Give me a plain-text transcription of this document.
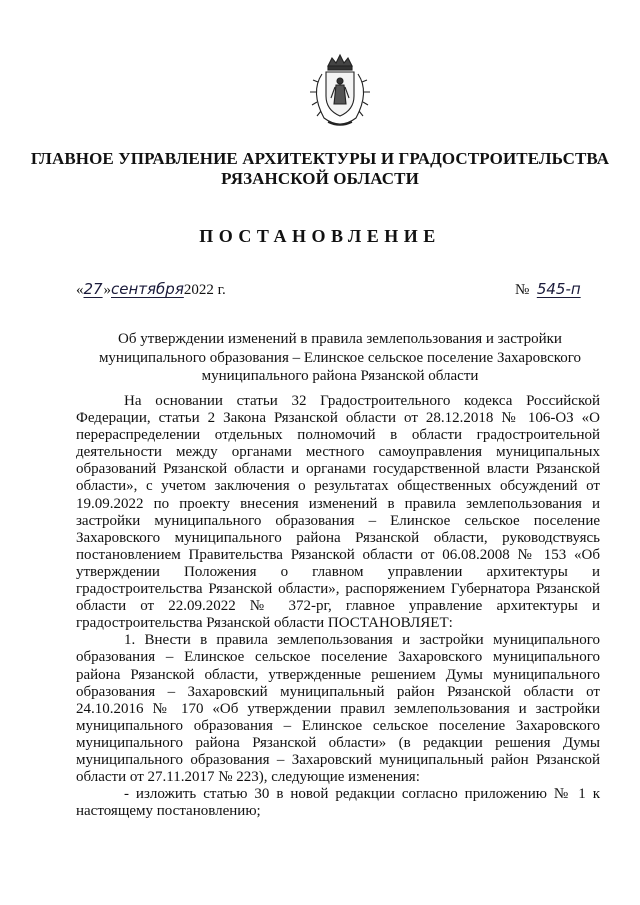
ГЛАВНОЕ УПРАВЛЕНИЕ АРХИТЕКТУРЫ И ГРАДОСТРОИТЕЛЬСТВА
РЯЗАНСКОЙ ОБЛАСТИ
ПОСТАНОВЛЕНИЕ
«27»сентября2022 г.	№ 545-п
Об утверждении изменений в правила землепользования и застройки муниципального образования – Елинское сельское поселение Захаровского муниципального района Рязанской области

На основании статьи 32 Градостроительного кодекса Российской Федерации, статьи 2 Закона Рязанской области от 28.12.2018 № 106-ОЗ «О перераспределении отдельных полномочий в области градостроительной деятельности между органами местного самоуправления муниципальных образований Рязанской области и органами государственной власти Рязанской области», с учетом заключения о результатах общественных обсуждений от 19.09.2022 по проекту внесения изменений в правила землепользования и застройки муниципального образования – Елинское сельское поселение Захаровского муниципального района Рязанской области, руководствуясь постановлением Правительства Рязанской области от 06.08.2008 № 153 «Об утверждении Положения о главном управлении архитектуры и градостроительства Рязанской области», распоряжением Губернатора Рязанской области от 22.09.2022 № 372-рг, главное управление архитектуры и градостроительства Рязанской области ПОСТАНОВЛЯЕТ:

1. Внести в правила землепользования и застройки муниципального образования – Елинское сельское поселение Захаровского муниципального района Рязанской области, утвержденные решением Думы муниципального образования – Захаровский муниципальный район Рязанской области от 24.10.2016 № 170 «Об утверждении правил землепользования и застройки муниципального образования – Елинское сельское поселение Захаровского муниципального района Рязанской области» (в редакции решения Думы муниципального образования – Захаровский муниципальный район Рязанской области от 27.11.2017 № 223), следующие изменения:

- изложить статью 30 в новой редакции согласно приложению № 1 к настоящему постановлению;
